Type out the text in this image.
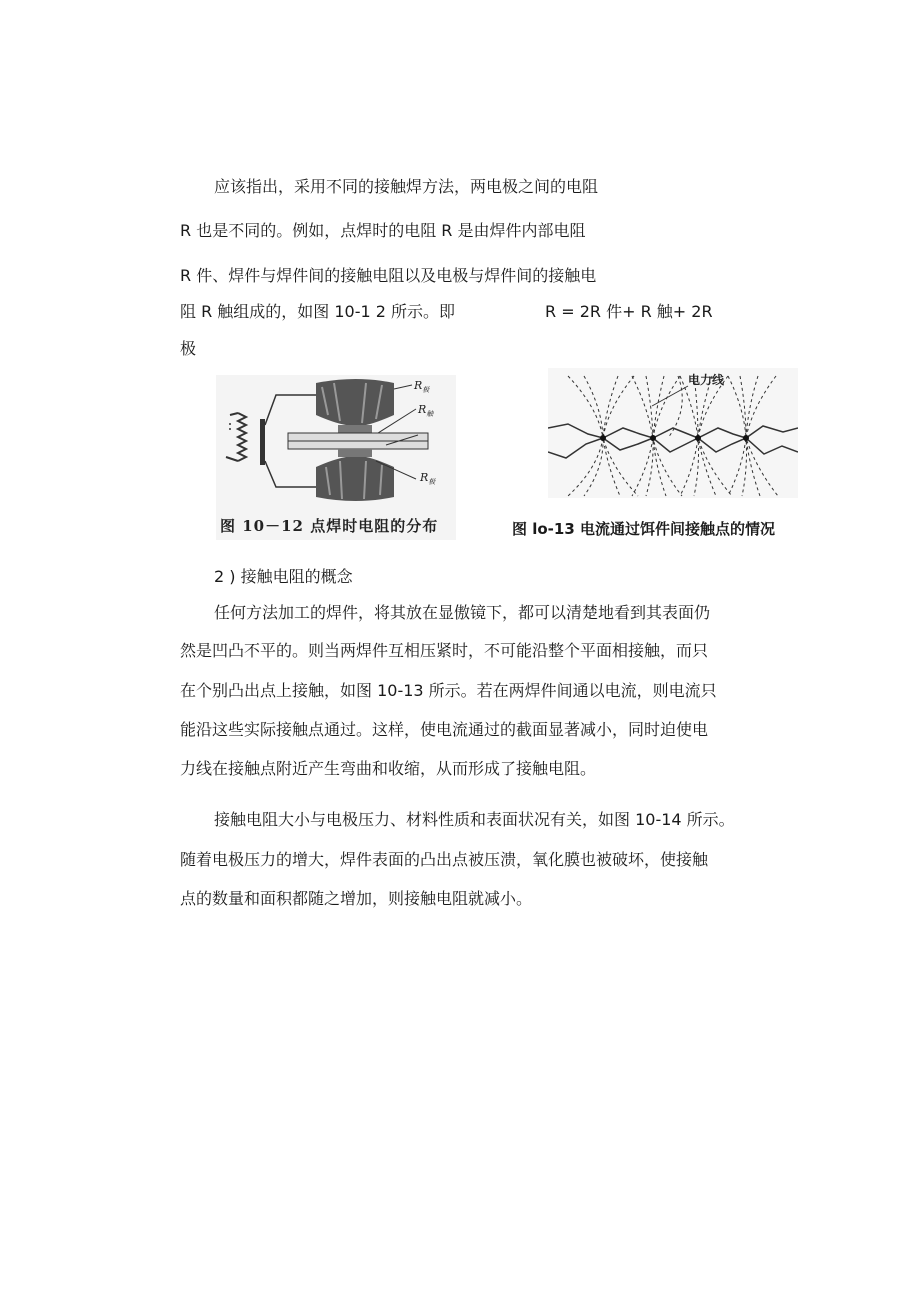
应该指出，采用不同的接触焊方法，两电极之间的电阻
R 也是不同的。例如，点焊时的电阻 R 是由焊件内部电阻
R 件、焊件与焊件间的接触电阻以及电极与焊件间的接触电
阻 R 触组成的，如图 10-1 2 所示。即	R = 2R 件+ R 触+ 2R
极
$R_极$
$R_触$
$R_极$
图 10－12 点焊时电阻的分布
电力线
图 lo-13 电流通过饵件间接触点的情况
2 ) 接触电阻的概念
任何方法加工的焊件，将其放在显傲镜下，都可以清楚地看到其表面仍
然是凹凸不平的。则当两焊件互相压紧时，不可能沿整个平面相接触，而只
在个别凸出点上接触，如图 10-13 所示。若在两焊件间通以电流，则电流只
能沿这些实际接触点通过。这样，使电流通过的截面显著减小，同时迫使电
力线在接触点附近产生弯曲和收缩，从而形成了接触电阻。
接触电阻大小与电极压力、材料性质和表面状况有关，如图 10-14 所示。
随着电极压力的增大，焊件表面的凸出点被压溃，氧化膜也被破坏，使接触
点的数量和面积都随之增加，则接触电阻就减小。
